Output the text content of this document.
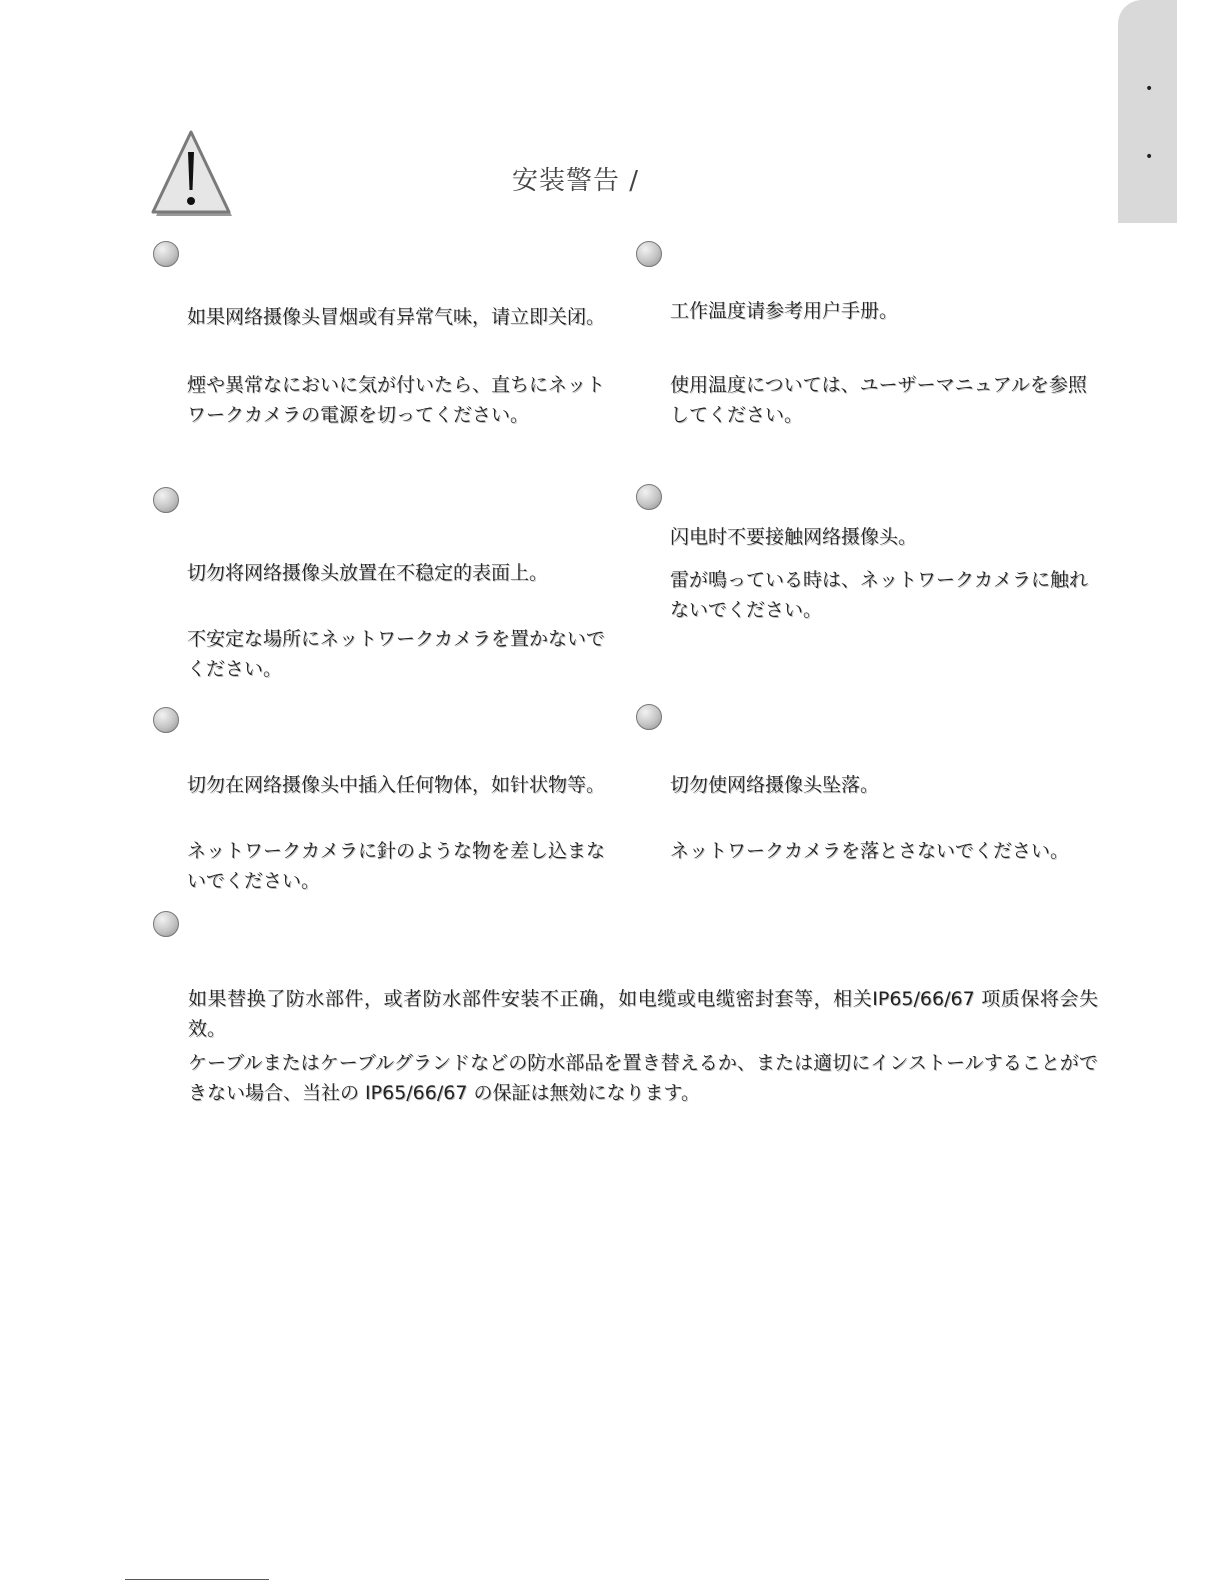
•
•
安装警告 /

如果网络摄像头冒烟或有异常气味，请立即关闭。

煙や異常なにおいに気が付いたら、直ちにネットワークカメラの電源を切ってください。

工作温度请参考用户手册。

使用温度については、ユーザーマニュアルを参照してください。

切勿将网络摄像头放置在不稳定的表面上。

不安定な場所にネットワークカメラを置かないでください。

闪电时不要接触网络摄像头。

雷が鳴っている時は、ネットワークカメラに触れないでください。

切勿在网络摄像头中插入任何物体，如针状物等。

ネットワークカメラに針のような物を差し込まないでください。

切勿使网络摄像头坠落。

ネットワークカメラを落とさないでください。

如果替换了防水部件，或者防水部件安装不正确，如电缆或电缆密封套等，相关IP65/66/67 项质保将会失效。

ケーブルまたはケーブルグランドなどの防水部品を置き替えるか、または適切にインストールすることができない場合、当社の IP65/66/67 の保証は無効になります。
